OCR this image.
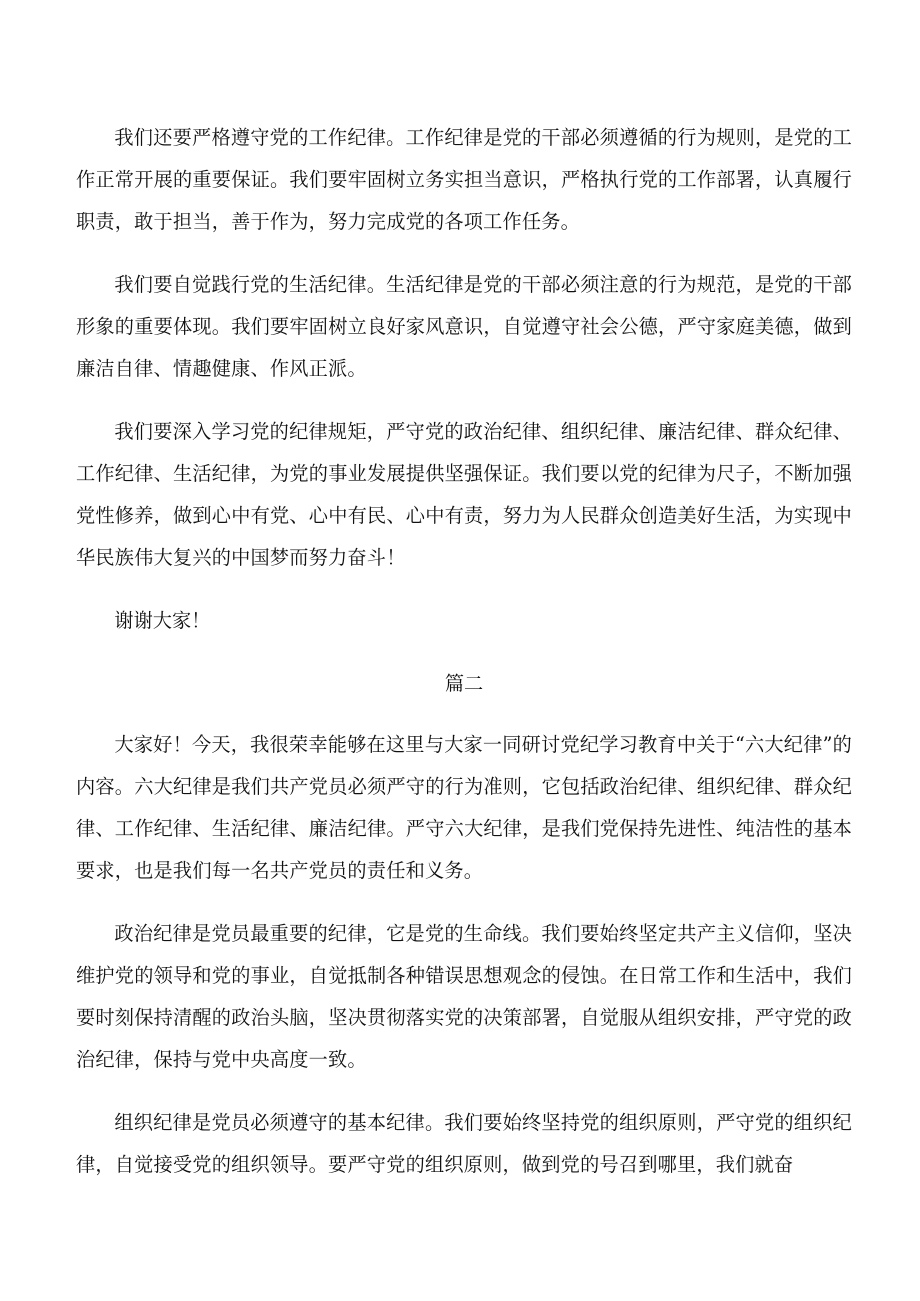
我们还要严格遵守党的工作纪律。工作纪律是党的干部必须遵循的行为规则，是党的工作正常开展的重要保证。我们要牢固树立务实担当意识，严格执行党的工作部署，认真履行职责，敢于担当，善于作为，努力完成党的各项工作任务。

我们要自觉践行党的生活纪律。生活纪律是党的干部必须注意的行为规范，是党的干部形象的重要体现。我们要牢固树立良好家风意识，自觉遵守社会公德，严守家庭美德，做到廉洁自律、情趣健康、作风正派。

我们要深入学习党的纪律规矩，严守党的政治纪律、组织纪律、廉洁纪律、群众纪律、工作纪律、生活纪律，为党的事业发展提供坚强保证。我们要以党的纪律为尺子，不断加强党性修养，做到心中有党、心中有民、心中有责，努力为人民群众创造美好生活，为实现中华民族伟大复兴的中国梦而努力奋斗！

谢谢大家！

篇二

大家好！今天，我很荣幸能够在这里与大家一同研讨党纪学习教育中关于“六大纪律”的内容。六大纪律是我们共产党员必须严守的行为准则，它包括政治纪律、组织纪律、群众纪律、工作纪律、生活纪律、廉洁纪律。严守六大纪律，是我们党保持先进性、纯洁性的基本要求，也是我们每一名共产党员的责任和义务。

政治纪律是党员最重要的纪律，它是党的生命线。我们要始终坚定共产主义信仰，坚决维护党的领导和党的事业，自觉抵制各种错误思想观念的侵蚀。在日常工作和生活中，我们要时刻保持清醒的政治头脑，坚决贯彻落实党的决策部署，自觉服从组织安排，严守党的政治纪律，保持与党中央高度一致。

组织纪律是党员必须遵守的基本纪律。我们要始终坚持党的组织原则，严守党的组织纪律，自觉接受党的组织领导。要严守党的组织原则，做到党的号召到哪里，我们就奋
